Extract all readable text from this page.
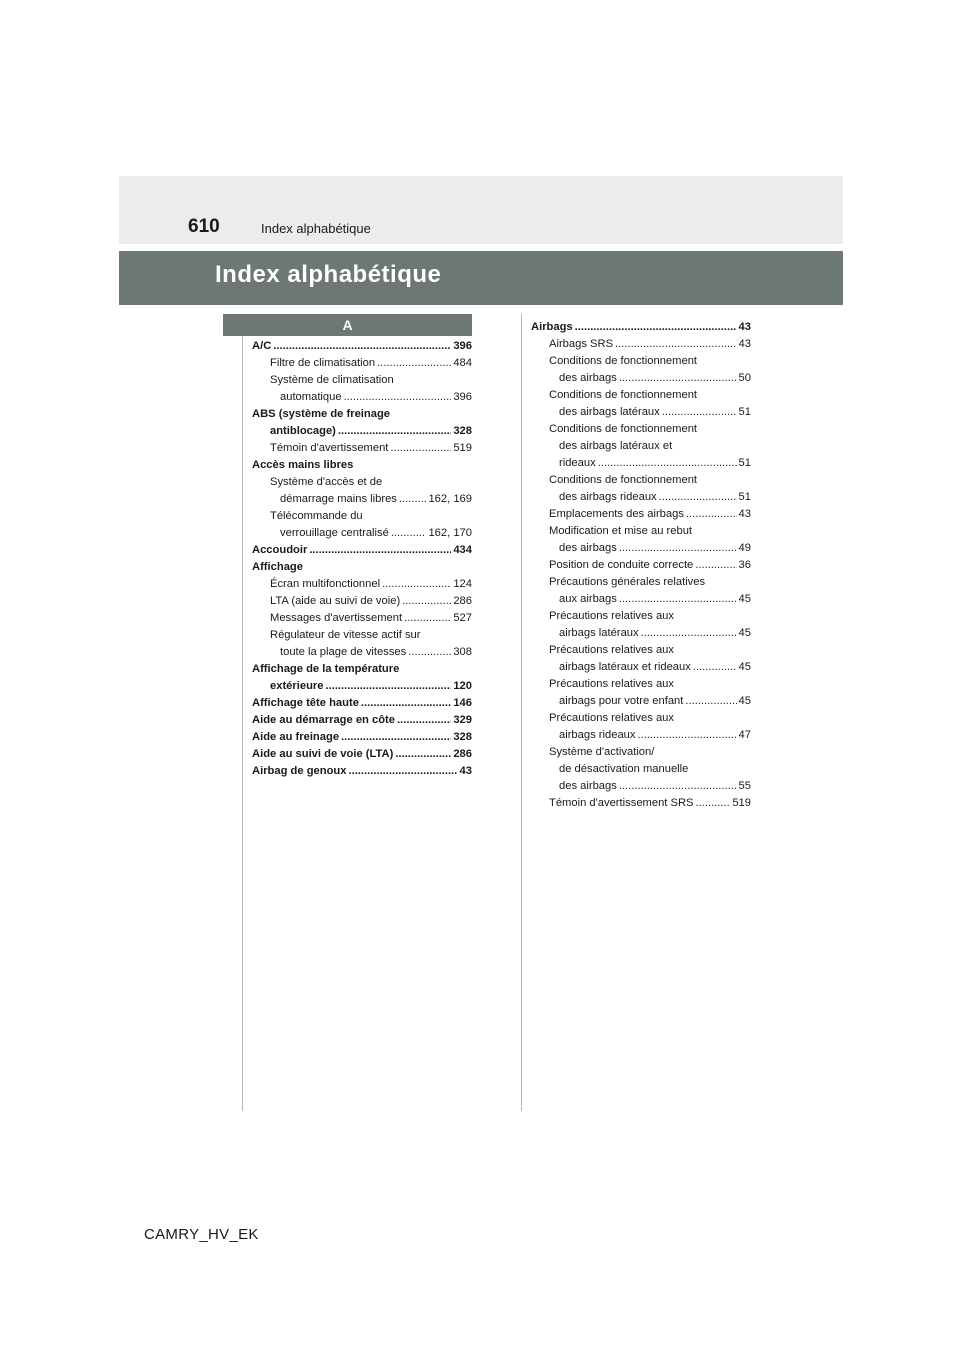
610	Index alphabétique
Index alphabétique
A
A/C .....	396
Filtre de climatisation .....	484
Système de climatisation
automatique .....	396
ABS (système de freinage
antiblocage) .....	328
Témoin d'avertissement .....	519
Accès mains libres
Système d'accès et de
démarrage mains libres .....	162, 169
Télécommande du
verrouillage centralisé .....	162, 170
Accoudoir .....	434
Affichage
Écran multifonctionnel .....	124
LTA (aide au suivi de voie) .....	286
Messages d'avertissement .....	527
Régulateur de vitesse actif sur
toute la plage de vitesses .....	308
Affichage de la température
extérieure .....	120
Affichage tête haute .....	146
Aide au démarrage en côte .....	329
Aide au freinage .....	328
Aide au suivi de voie (LTA) .....	286
Airbag de genoux .....	43
Airbags .....	43
Airbags SRS .....	43
Conditions de fonctionnement
des airbags .....	50
Conditions de fonctionnement
des airbags latéraux .....	51
Conditions de fonctionnement
des airbags latéraux et
rideaux .....	51
Conditions de fonctionnement
des airbags rideaux .....	51
Emplacements des airbags .....	43
Modification et mise au rebut
des airbags .....	49
Position de conduite correcte .....	36
Précautions générales relatives
aux airbags .....	45
Précautions relatives aux
airbags latéraux .....	45
Précautions relatives aux
airbags latéraux et rideaux .....	45
Précautions relatives aux
airbags pour votre enfant .....	45
Précautions relatives aux
airbags rideaux .....	47
Système d'activation/
de désactivation manuelle
des airbags .....	55
Témoin d'avertissement SRS .....	519
CAMRY_HV_EK
